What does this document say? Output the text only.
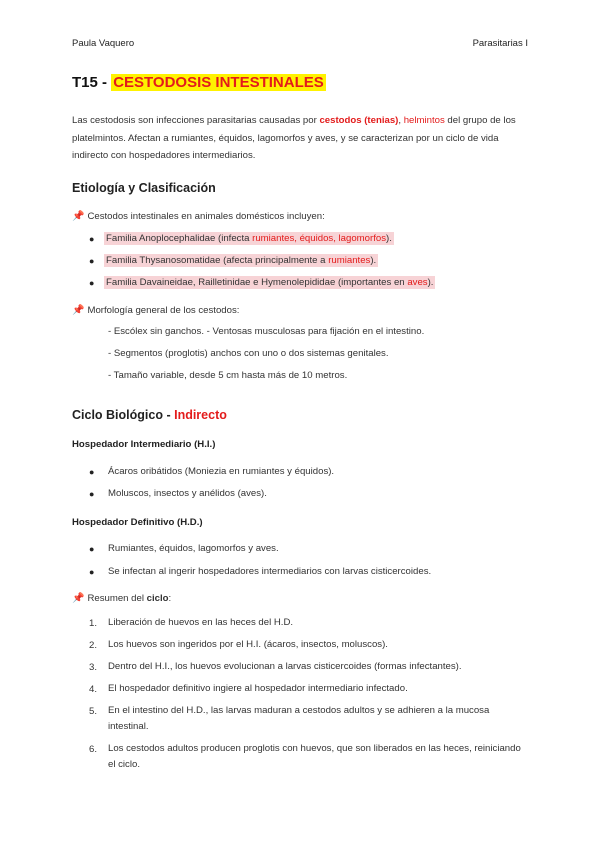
Paula Vaquero	Parasitarias I
T15 - CESTODOSIS INTESTINALES
Las cestodosis son infecciones parasitarias causadas por cestodos (tenias), helmintos del grupo de los platelmintos. Afectan a rumiantes, équidos, lagomorfos y aves, y se caracterizan por un ciclo de vida indirecto con hospedadores intermediarios.
Etiología y Clasificación
📌 Cestodos intestinales en animales domésticos incluyen:
● Familia Anoplocephalidae (infecta rumiantes, équidos, lagomorfos).
● Familia Thysanosomatidae (afecta principalmente a rumiantes).
● Familia Davaineidae, Railletinidae e Hymenolepididae (importantes en aves).
📌 Morfología general de los cestodos:
- Escólex sin ganchos. - Ventosas musculosas para fijación en el intestino.
- Segmentos (proglotis) anchos con uno o dos sistemas genitales.
- Tamaño variable, desde 5 cm hasta más de 10 metros.
Ciclo Biológico - Indirecto
Hospedador Intermediario (H.I.)
● Ácaros oribátidos (Moniezia en rumiantes y équidos).
● Moluscos, insectos y anélidos (aves).
Hospedador Definitivo (H.D.)
● Rumiantes, équidos, lagomorfos y aves.
● Se infectan al ingerir hospedadores intermediarios con larvas cisticercoides.
📌 Resumen del ciclo:
1. Liberación de huevos en las heces del H.D.
2. Los huevos son ingeridos por el H.I. (ácaros, insectos, moluscos).
3. Dentro del H.I., los huevos evolucionan a larvas cisticercoides (formas infectantes).
4. El hospedador definitivo ingiere al hospedador intermediario infectado.
5. En el intestino del H.D., las larvas maduran a cestodos adultos y se adhieren a la mucosa intestinal.
6. Los cestodos adultos producen proglotis con huevos, que son liberados en las heces, reiniciando el ciclo.
